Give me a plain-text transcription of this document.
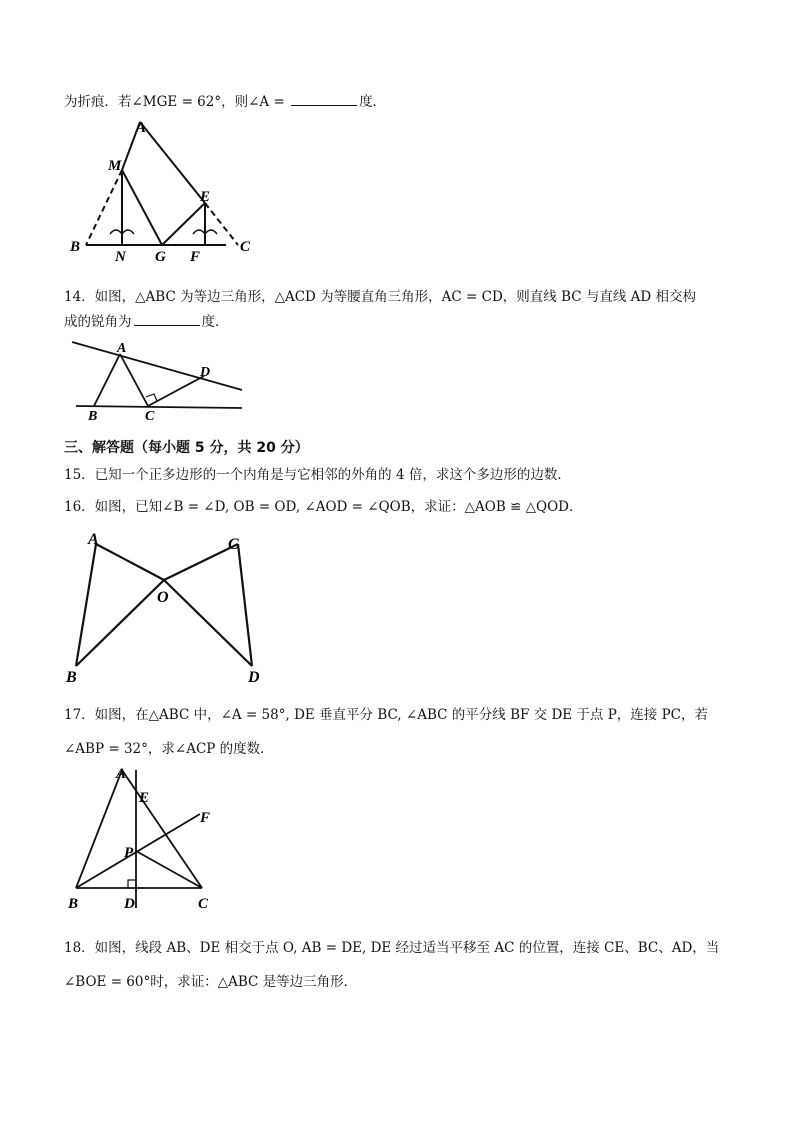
为折痕．若∠MGE = 62°，则∠A =	度．
A
M
E
B
N G F
C
14．如图，△ABC 为等边三角形，△ACD 为等腰直角三角形，AC = CD，则直线 BC 与直线 AD 相交构
成的锐角为	度．
A
D
B	C
三、解答题（每小题 5 分，共 20 分）
15．已知一个正多边形的一个内角是与它相邻的外角的 4 倍，求这个多边形的边数．
16．如图，已知∠B = ∠D, OB = OD, ∠AOD = ∠QOB，求证：△AOB ≌ △QOD．
A	C
O
B	D
17．如图，在△ABC 中，∠A = 58°, DE 垂直平分 BC, ∠ABC 的平分线 BF 交 DE 于点 P，连接 PC，若
∠ABP = 32°，求∠ACP 的度数．
A
E
F
P
B	D	C
18．如图，线段 AB、DE 相交于点 O, AB = DE, DE 经过适当平移至 AC 的位置，连接 CE、BC、AD，当
∠BOE = 60°时，求证：△ABC 是等边三角形．
